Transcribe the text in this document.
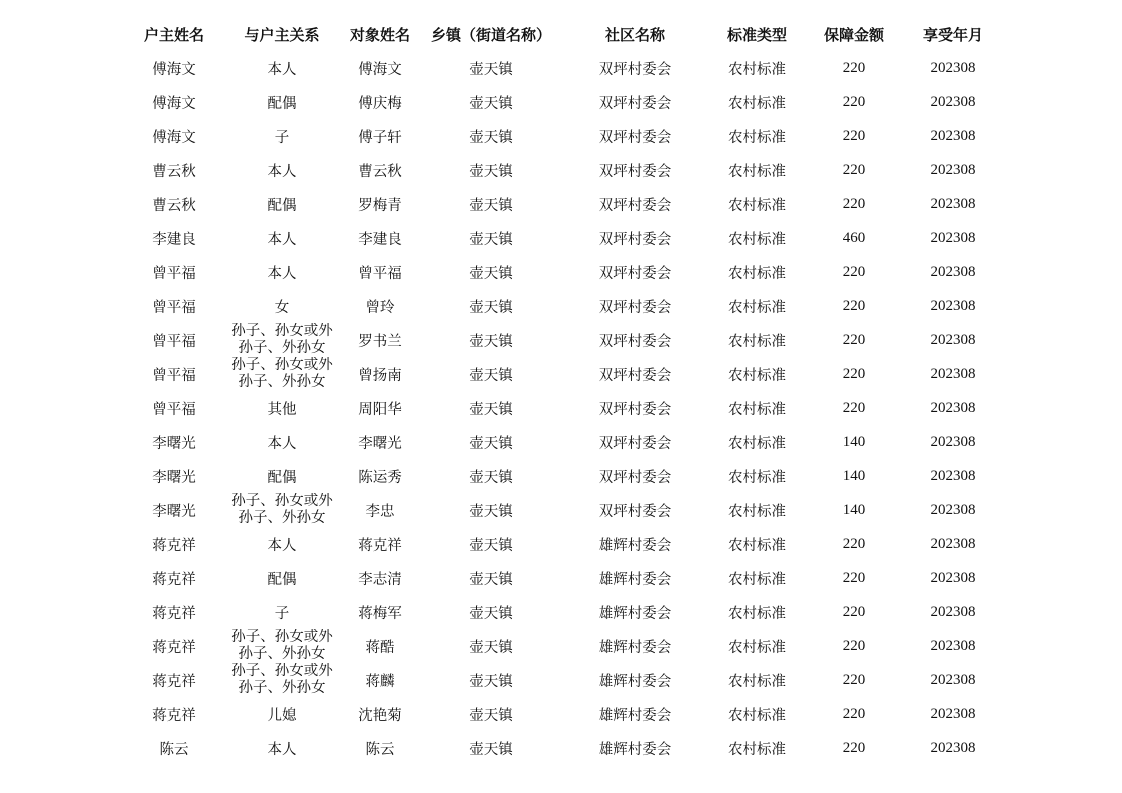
户主姓名	与户主关系	对象姓名	乡镇（街道名称）	社区名称	标准类型	保障金额	享受年月
傅海文	本人	傅海文	壶天镇	双坪村委会	农村标准	220	202308
傅海文	配偶	傅庆梅	壶天镇	双坪村委会	农村标准	220	202308
傅海文	子	傅子轩	壶天镇	双坪村委会	农村标准	220	202308
曹云秋	本人	曹云秋	壶天镇	双坪村委会	农村标准	220	202308
曹云秋	配偶	罗梅青	壶天镇	双坪村委会	农村标准	220	202308
李建良	本人	李建良	壶天镇	双坪村委会	农村标准	460	202308
曾平福	本人	曾平福	壶天镇	双坪村委会	农村标准	220	202308
曾平福	女	曾玲	壶天镇	双坪村委会	农村标准	220	202308
曾平福	孙子、孙女或外孙子、外孙女	罗书兰	壶天镇	双坪村委会	农村标准	220	202308
曾平福	孙子、孙女或外孙子、外孙女	曾扬南	壶天镇	双坪村委会	农村标准	220	202308
曾平福	其他	周阳华	壶天镇	双坪村委会	农村标准	220	202308
李曙光	本人	李曙光	壶天镇	双坪村委会	农村标准	140	202308
李曙光	配偶	陈运秀	壶天镇	双坪村委会	农村标准	140	202308
李曙光	孙子、孙女或外孙子、外孙女	李忠	壶天镇	双坪村委会	农村标准	140	202308
蒋克祥	本人	蒋克祥	壶天镇	雄辉村委会	农村标准	220	202308
蒋克祥	配偶	李志清	壶天镇	雄辉村委会	农村标准	220	202308
蒋克祥	子	蒋梅军	壶天镇	雄辉村委会	农村标准	220	202308
蒋克祥	孙子、孙女或外孙子、外孙女	蒋酷	壶天镇	雄辉村委会	农村标准	220	202308
蒋克祥	孙子、孙女或外孙子、外孙女	蒋麟	壶天镇	雄辉村委会	农村标准	220	202308
蒋克祥	儿媳	沈艳菊	壶天镇	雄辉村委会	农村标准	220	202308
陈云	本人	陈云	壶天镇	雄辉村委会	农村标准	220	202308
